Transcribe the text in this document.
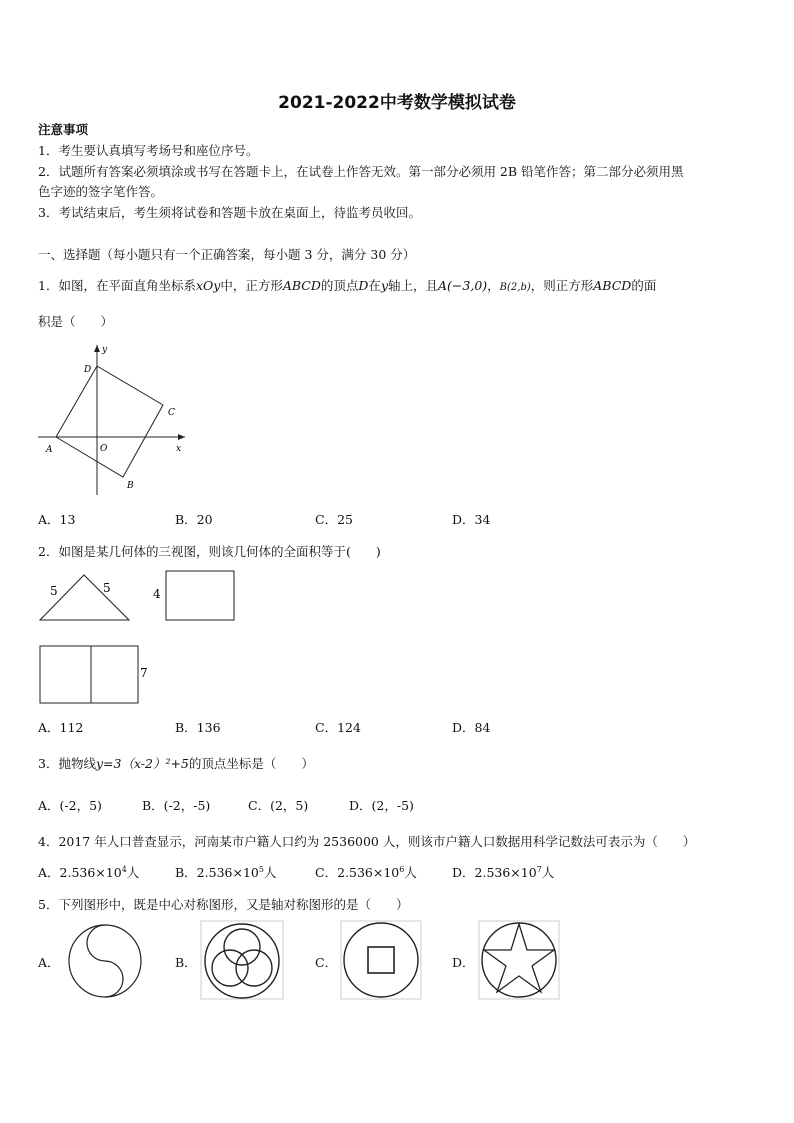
2021-2022中考数学模拟试卷
注意事项
1．考生要认真填写考场号和座位序号。
2．试题所有答案必须填涂或书写在答题卡上，在试卷上作答无效。第一部分必须用 2B 铅笔作答；第二部分必须用黑
色字迹的签字笔作答。
3．考试结束后，考生须将试卷和答题卡放在桌面上，待监考员收回。
一、选择题（每小题只有一个正确答案，每小题 3 分，满分 30 分）
1．如图，在平面直角坐标系xOy中，正方形ABCD的顶点D在y轴上，且A(−3,0)，B(2,b)，则正方形ABCD的面
积是（　　）
y
x
D
C
A	O
B
A．13	B．20	C．25	D．34
2．如图是某几何体的三视图，则该几何体的全面积等于(　　)
5	5	4
7
A．112	B．136	C．124	D．84
3．抛物线y=3（x-2）²+5的顶点坐标是（　　）
A．(-2，5)	B．(-2，-5)	C．(2，5)	D．(2，-5)
4．2017 年人口普查显示，河南某市户籍人口约为 2536000 人，则该市户籍人口数据用科学记数法可表示为（　　）
A．$2.536\times 10^4$人	B．$2.536\times 10^5$人	C．$2.536\times 10^6$人	D．$2.536\times 10^7$人
5．下列图形中，既是中心对称图形，又是轴对称图形的是（　　）
A．	B．	C．	D．
